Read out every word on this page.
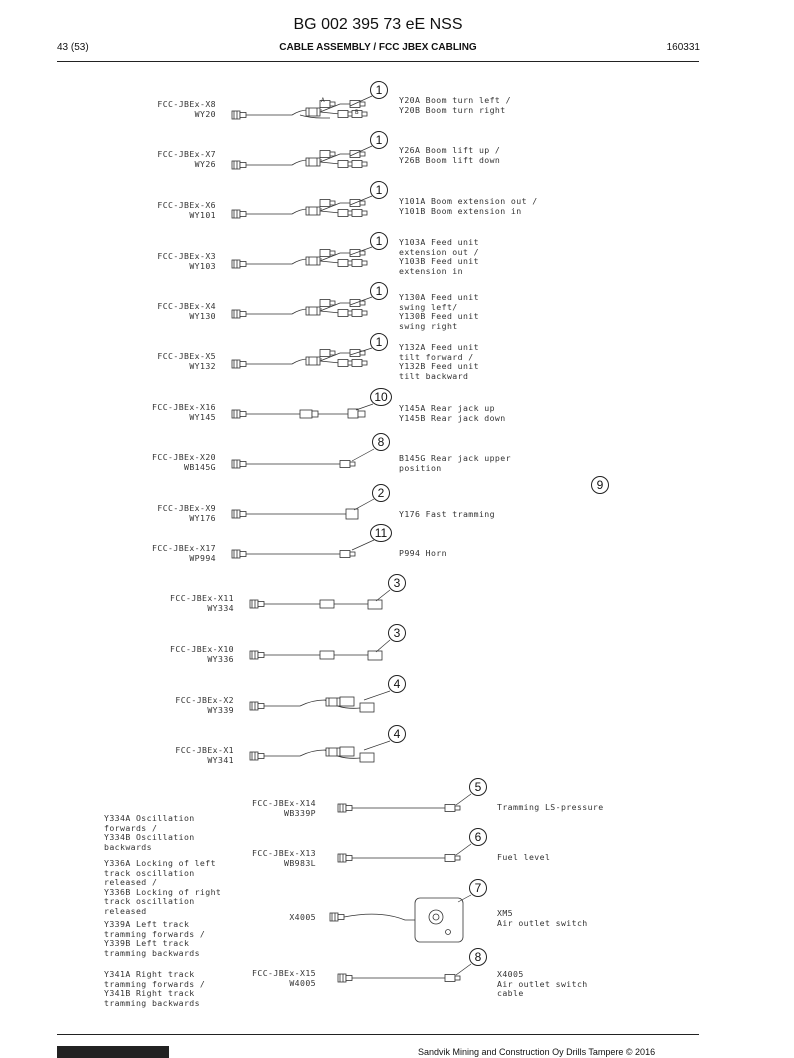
BG 002 395 73 eE NSS
43 (53)	CABLE ASSEMBLY / FCC JBEX CABLING	160331
A
B
FCC-JBEx-X8
WY20
FCC-JBEx-X7
WY26
FCC-JBEx-X6
WY101
FCC-JBEx-X3
WY103
FCC-JBEx-X4
WY130
FCC-JBEx-X5
WY132
FCC-JBEx-X16
WY145
FCC-JBEx-X20
WB145G
FCC-JBEx-X9
WY176
FCC-JBEx-X17
WP994
FCC-JBEx-X11
WY334
FCC-JBEx-X10
WY336
FCC-JBEx-X2
WY339
FCC-JBEx-X1
WY341
FCC-JBEx-X14
WB339P
FCC-JBEx-X13
WB983L
X4005
FCC-JBEx-X15
W4005
Y20A Boom turn left /
Y20B Boom turn right
Y26A Boom lift up /
Y26B Boom lift down
Y101A Boom extension out /
Y101B Boom extension in
Y103A Feed unit
extension out /
Y103B Feed unit
extension in
Y130A Feed unit
swing left/
Y130B Feed unit
swing right
Y132A Feed unit
tilt forward /
Y132B Feed unit
tilt backward
Y145A Rear jack up
Y145B Rear jack down
B145G Rear jack upper
position
Y176 Fast tramming
P994 Horn
Tramming LS-pressure
Fuel level
XM5
Air outlet switch
X4005
Air outlet switch
cable
Y334A Oscillation
forwards /
Y334B Oscillation
backwards
Y336A Locking of left
track oscillation
released /
Y336B Locking of right
track oscillation
released
Y339A Left track
tramming forwards /
Y339B Left track
tramming backwards
Y341A Right track
tramming forwards /
Y341B Right track
tramming backwards
1
1
1
1
1
1
10
8
2
11
3
3
4
4
5
6
7
8
9
Sandvik Mining and Construction Oy Drills Tampere © 2016
